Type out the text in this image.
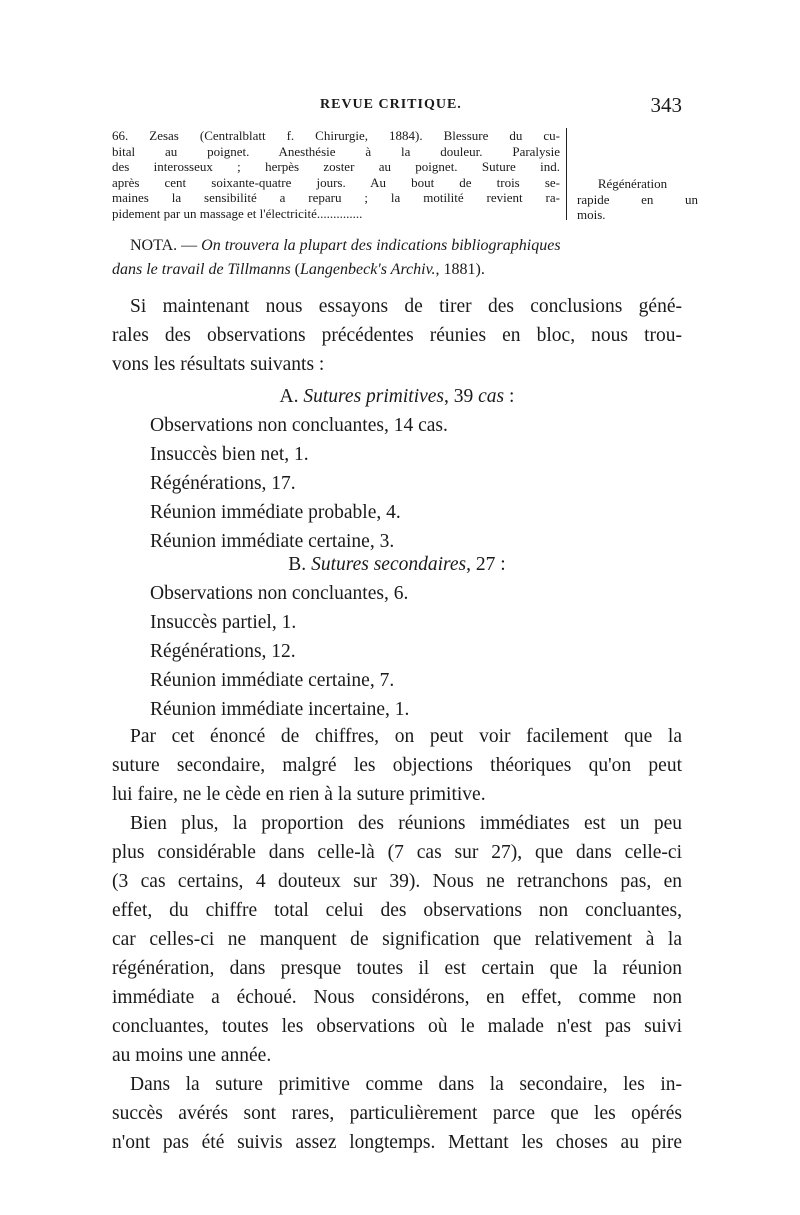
REVUE CRITIQUE.	343
66. Zesas (Centralblatt f. Chirurgie, 1884). Blessure du cu-
bital au poignet. Anesthésie à la douleur. Paralysie
des interosseux ; herpès zoster au poignet. Suture ind.
après cent soixante-quatre jours. Au bout de trois se-
maines la sensibilité a reparu ; la motilité revient ra-
pidement par un massage et l'électricité..............
Régénération
rapide en un
mois.
NOTA. — On trouvera la plupart des indications bibliographiques
dans le travail de Tillmanns (Langenbeck's Archiv., 1881).
Si maintenant nous essayons de tirer des conclusions géné-
rales des observations précédentes réunies en bloc, nous trou-
vons les résultats suivants :
A. Sutures primitives, 39 cas :
Observations non concluantes, 14 cas.
Insuccès bien net, 1.
Régénérations, 17.
Réunion immédiate probable, 4.
Réunion immédiate certaine, 3.
B. Sutures secondaires, 27 :
Observations non concluantes, 6.
Insuccès partiel, 1.
Régénérations, 12.
Réunion immédiate certaine, 7.
Réunion immédiate incertaine, 1.
Par cet énoncé de chiffres, on peut voir facilement que la
suture secondaire, malgré les objections théoriques qu'on peut
lui faire, ne le cède en rien à la suture primitive.
Bien plus, la proportion des réunions immédiates est un peu
plus considérable dans celle-là (7 cas sur 27), que dans celle-ci
(3 cas certains, 4 douteux sur 39). Nous ne retranchons pas, en
effet, du chiffre total celui des observations non concluantes,
car celles-ci ne manquent de signification que relativement à la
régénération, dans presque toutes il est certain que la réunion
immédiate a échoué. Nous considérons, en effet, comme non
concluantes, toutes les observations où le malade n'est pas suivi
au moins une année.
Dans la suture primitive comme dans la secondaire, les in-
succès avérés sont rares, particulièrement parce que les opérés
n'ont pas été suivis assez longtemps. Mettant les choses au pire
